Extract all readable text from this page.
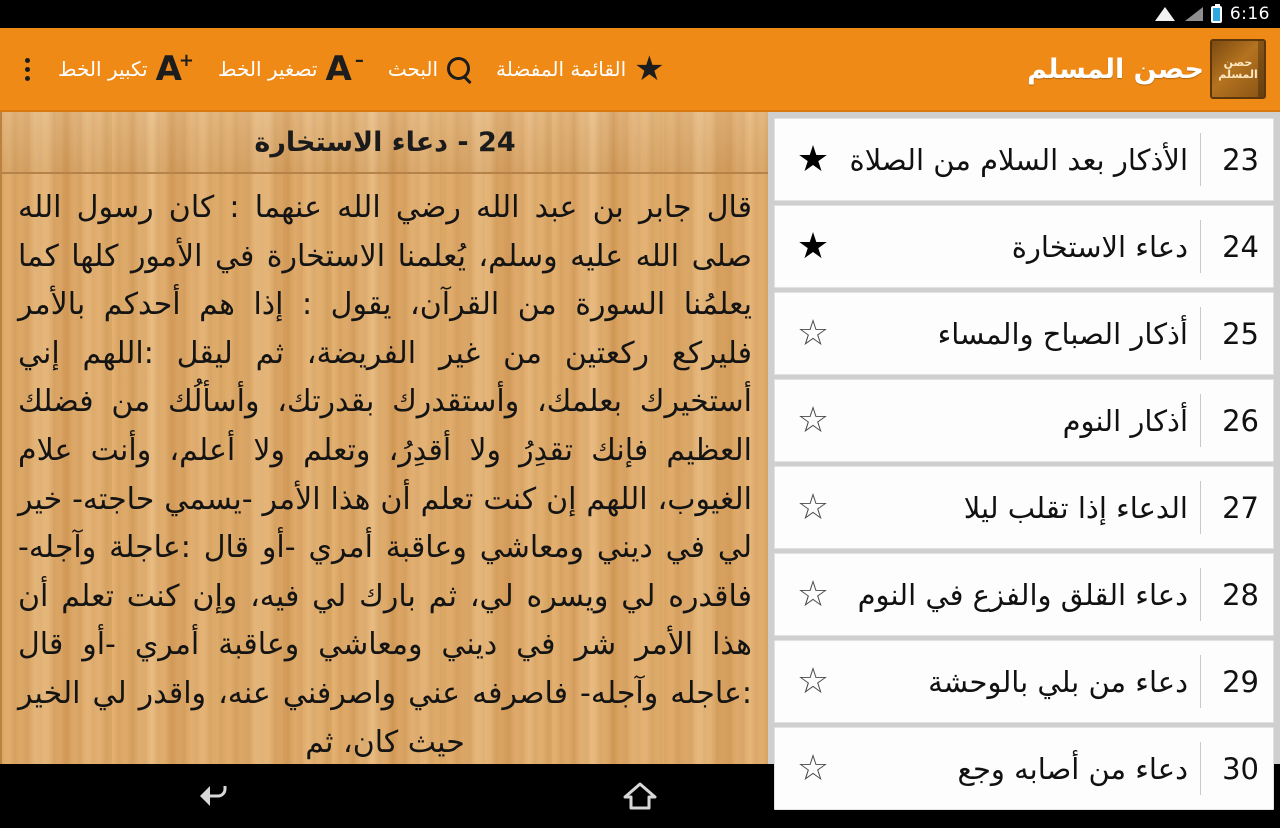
6:16
حصن المسلم
حصن المسلم
★
القائمة المفضلة
البحث
A –
تصغير الخط
A
+
تكبير الخط
23
الأذكار بعد السلام من الصلاة
★
24
دعاء الاستخارة
★
25
أذكار الصباح والمساء
☆
26
أذكار النوم
☆
27
الدعاء إذا تقلب ليلا
☆
28
دعاء القلق والفزع في النوم
☆
29
دعاء من بلي بالوحشة
☆
30
دعاء من أصابه وجع
☆
24 - دعاء الاستخارة
قال جابر بن عبد الله رضي الله عنهما : كان رسول الله صلى الله عليه وسلم، يُعلمنا الاستخارة في الأمور كلها كما يعلمُنا السورة من القرآن، يقول : إذا هم أحدكم بالأمر فليركع ركعتين من غير الفريضة، ثم ليقل :اللهم إني أستخيرك بعلمك، وأستقدرك بقدرتك، وأسألُك من فضلك العظيم فإنك تقدِرُ ولا أقدِرُ، وتعلم ولا أعلم، وأنت علام الغيوب، اللهم إن كنت تعلم أن هذا الأمر -يسمي حاجته- خير لي في ديني ومعاشي وعاقبة أمري -أو قال :عاجلة وآجله- فاقدره لي ويسره لي، ثم بارك لي فيه، وإن كنت تعلم أن هذا الأمر شر في ديني ومعاشي وعاقبة أمري -أو قال :عاجله وآجله- فاصرفه عني واصرفني عنه، واقدر لي الخير حيث كان، ثم
